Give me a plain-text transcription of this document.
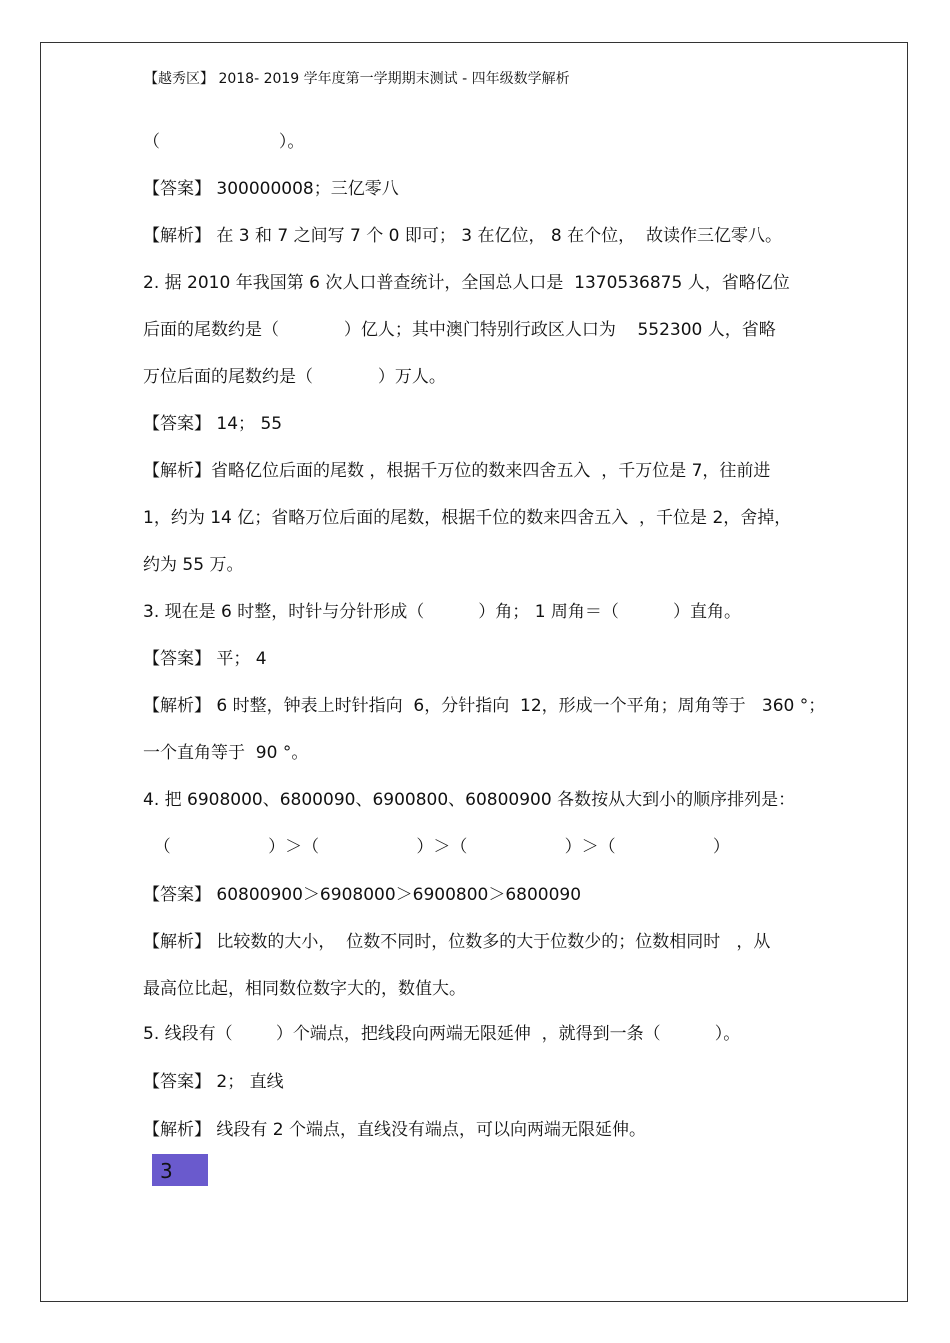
【越秀区】 2018- 2019 学年度第一学期期末测试 - 四年级数学解析
（                      ）。
【答案】 300000008；三亿零八
【解析】 在 3 和 7 之间写 7 个 0 即可； 3 在亿位， 8 在个位，  故读作三亿零八。
2. 据 2010 年我国第 6 次人口普查统计，全国总人口是  1370536875 人，省略亿位
后面的尾数约是（            ）亿人；其中澳门特别行政区人口为    552300 人，省略
万位后面的尾数约是（            ）万人。
【答案】 14； 55
【解析】省略亿位后面的尾数 ，根据千万位的数来四舍五入  ，千万位是 7，往前进
1，约为 14 亿；省略万位后面的尾数，根据千位的数来四舍五入  ，千位是 2，舍掉，
约为 55 万。
3. 现在是 6 时整，时针与分针形成（          ）角； 1 周角＝（          ）直角。
【答案】 平； 4
【解析】 6 时整，钟表上时针指向  6，分针指向  12，形成一个平角；周角等于   360 °；
一个直角等于  90 °。
4. 把 6908000、6800090、6900800、60800900 各数按从大到小的顺序排列是：
（                  ）＞（                  ）＞（                  ）＞（                  ）
【答案】 60800900＞6908000＞6900800＞6800090
【解析】 比较数的大小，  位数不同时，位数多的大于位数少的；位数相同时   ，从
最高位比起，相同数位数字大的，数值大。
5. 线段有（        ）个端点，把线段向两端无限延伸  ，就得到一条（          ）。
【答案】 2； 直线
【解析】 线段有 2 个端点，直线没有端点，可以向两端无限延伸。
3
